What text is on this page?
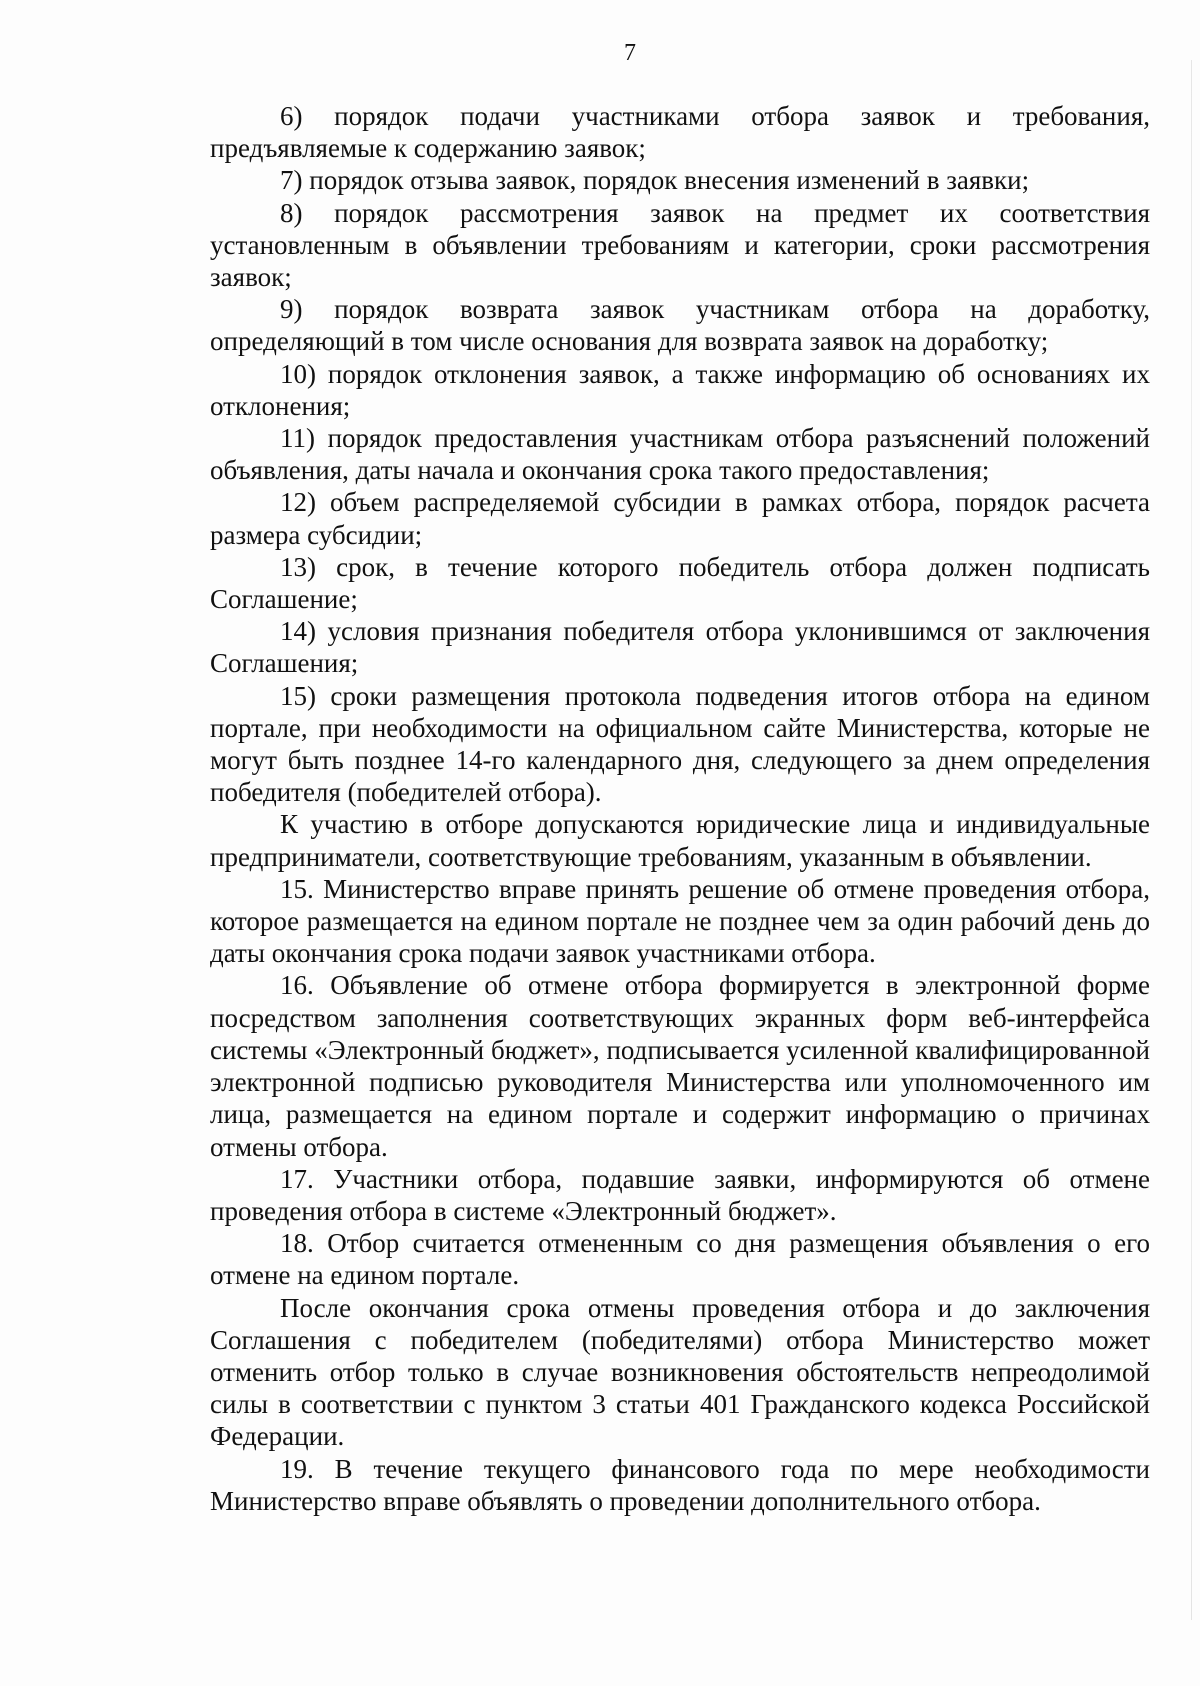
7

6) порядок подачи участниками отбора заявок и требования, предъявляемые к содержанию заявок;

7) порядок отзыва заявок, порядок внесения изменений в заявки;

8) порядок рассмотрения заявок на предмет их соответствия установленным в объявлении требованиям и категории, сроки рассмотрения заявок;

9) порядок возврата заявок участникам отбора на доработку, определяющий в том числе основания для возврата заявок на доработку;

10) порядок отклонения заявок, а также информацию об основаниях их отклонения;

11) порядок предоставления участникам отбора разъяснений положений объявления, даты начала и окончания срока такого предоставления;

12) объем распределяемой субсидии в рамках отбора, порядок расчета размера субсидии;

13) срок, в течение которого победитель отбора должен подписать Соглашение;

14) условия признания победителя отбора уклонившимся от заключения Соглашения;

15) сроки размещения протокола подведения итогов отбора на едином портале, при необходимости на официальном сайте Министерства, которые не могут быть позднее 14-го календарного дня, следующего за днем определения победителя (победителей отбора).

К участию в отборе допускаются юридические лица и индивидуальные предприниматели, соответствующие требованиям, указанным в объявлении.

15. Министерство вправе принять решение об отмене проведения отбора, которое размещается на едином портале не позднее чем за один рабочий день до даты окончания срока подачи заявок участниками отбора.

16. Объявление об отмене отбора формируется в электронной форме посредством заполнения соответствующих экранных форм веб-интерфейса системы «Электронный бюджет», подписывается усиленной квалифицированной электронной подписью руководителя Министерства или уполномоченного им лица, размещается на едином портале и содержит информацию о причинах отмены отбора.

17. Участники отбора, подавшие заявки, информируются об отмене проведения отбора в системе «Электронный бюджет».

18. Отбор считается отмененным со дня размещения объявления о его отмене на едином портале.

После окончания срока отмены проведения отбора и до заключения Соглашения с победителем (победителями) отбора Министерство может отменить отбор только в случае возникновения обстоятельств непреодолимой силы в соответствии с пунктом 3 статьи 401 Гражданского кодекса Российской Федерации.

19. В течение текущего финансового года по мере необходимости Министерство вправе объявлять о проведении дополнительного отбора.
